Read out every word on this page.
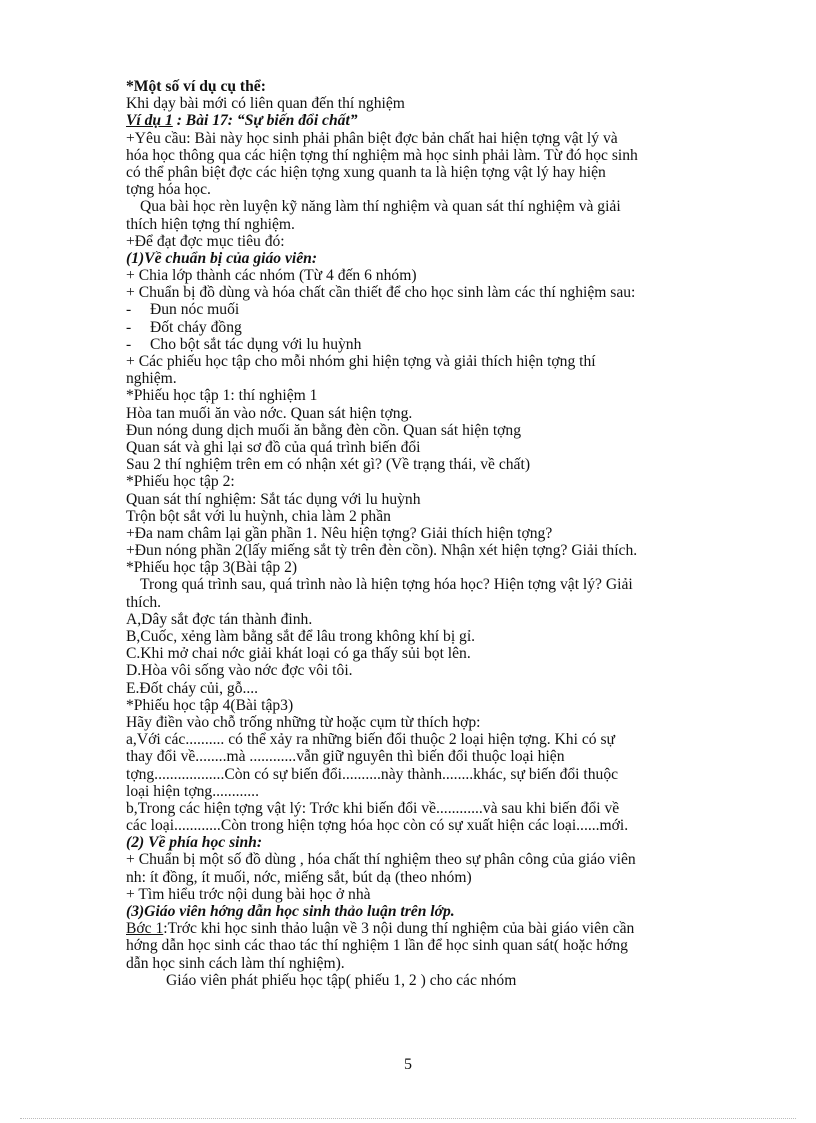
*Một số ví dụ cụ thể:
Khi dạy bài mới có liên quan đến thí nghiệm
Ví dụ 1 : Bài 17: “Sự biến đổi chất”
+Yêu cầu: Bài này học sinh phải phân biệt đợc bản chất hai hiện tợng vật lý và
hóa học thông qua các hiện tợng thí nghiệm mà học sinh phải làm. Từ đó học sinh
có thể phân biệt đợc các hiện tợng xung quanh ta là hiện tợng vật lý hay hiện
tợng hóa học.
Qua bài học rèn luyện kỹ năng làm thí nghiệm và quan sát thí nghiệm và giải
thích hiện tợng thí nghiệm.
+Để đạt đợc mục tiêu đó:
(1)Về chuẩn bị của giáo viên:
+ Chia lớp thành các nhóm (Từ 4 đến 6 nhóm)
+ Chuẩn bị đồ dùng và hóa chất cần thiết để cho học sinh làm các thí nghiệm sau:
- Đun nóc muối
- Đốt cháy đồng
- Cho bột sắt tác dụng với lu huỳnh
+ Các phiếu học tập cho mỗi nhóm ghi hiện tợng và giải thích hiện tợng thí
nghiệm.
*Phiếu học tập 1: thí nghiệm 1
Hòa tan muối ăn vào nớc. Quan sát hiện tợng.
Đun nóng dung dịch muối ăn bằng đèn cồn. Quan sát hiện tợng
Quan sát và ghi lại sơ đồ của quá trình biến đổi
Sau 2 thí nghiệm trên em có nhận xét gì? (Về trạng thái, về chất)
*Phiếu học tập 2:
Quan sát thí nghiệm: Sắt tác dụng với lu huỳnh
Trộn bột sắt với lu huỳnh, chia làm 2 phần
+Đa nam châm lại gần phần 1. Nêu hiện tợng? Giải thích hiện tợng?
+Đun nóng phần 2(lấy miếng sắt tỳ trên đèn cồn). Nhận xét hiện tợng? Giải thích.
*Phiếu học tập 3(Bài tập 2)
Trong quá trình sau, quá trình nào là hiện tợng hóa học? Hiện tợng vật lý? Giải
thích.
A,Dây sắt đợc tán thành đinh.
B,Cuốc, xẻng làm bằng sắt để lâu trong không khí bị gỉ.
C.Khi mở chai nớc giải khát loại có ga thấy sủi bọt lên.
D.Hòa vôi sống vào nớc đợc vôi tôi.
E.Đốt cháy củi, gỗ....
*Phiếu học tập 4(Bài tập3)
Hãy điền vào chỗ trống những từ hoặc cụm từ thích hợp:
a,Với các.......... có thể xảy ra những biến đổi thuộc 2 loại hiện tợng. Khi có sự
thay đổi về........mà ............vẫn giữ nguyên thì biến đổi thuộc loại hiện
tợng..................Còn có sự biến đổi..........này thành........khác, sự biến đổi thuộc
loại hiện tợng............
b,Trong các hiện tợng vật lý: Trớc khi biến đổi về............và sau khi biến đổi về
các loại............Còn trong hiện tợng hóa học còn có sự xuất hiện các loại......mới.
(2) Về phía học sinh:
+ Chuẩn bị một số đồ dùng , hóa chất thí nghiệm theo sự phân công của giáo viên
nh: ít đồng, ít muối, nớc, miếng sắt, bút dạ (theo nhóm)
+ Tìm hiểu trớc nội dung bài học ở nhà
(3)Giáo viên hớng dẫn học sinh thảo luận trên lớp.
Bớc 1:Trớc khi học sinh thảo luận về 3 nội dung thí nghiệm của bài giáo viên cần
hớng dẫn học sinh các thao tác thí nghiệm 1 lần để học sinh quan sát( hoặc hớng
dẫn học sinh cách làm thí nghiệm).
Giáo viên phát phiếu học tập( phiếu 1, 2 ) cho các nhóm
5
